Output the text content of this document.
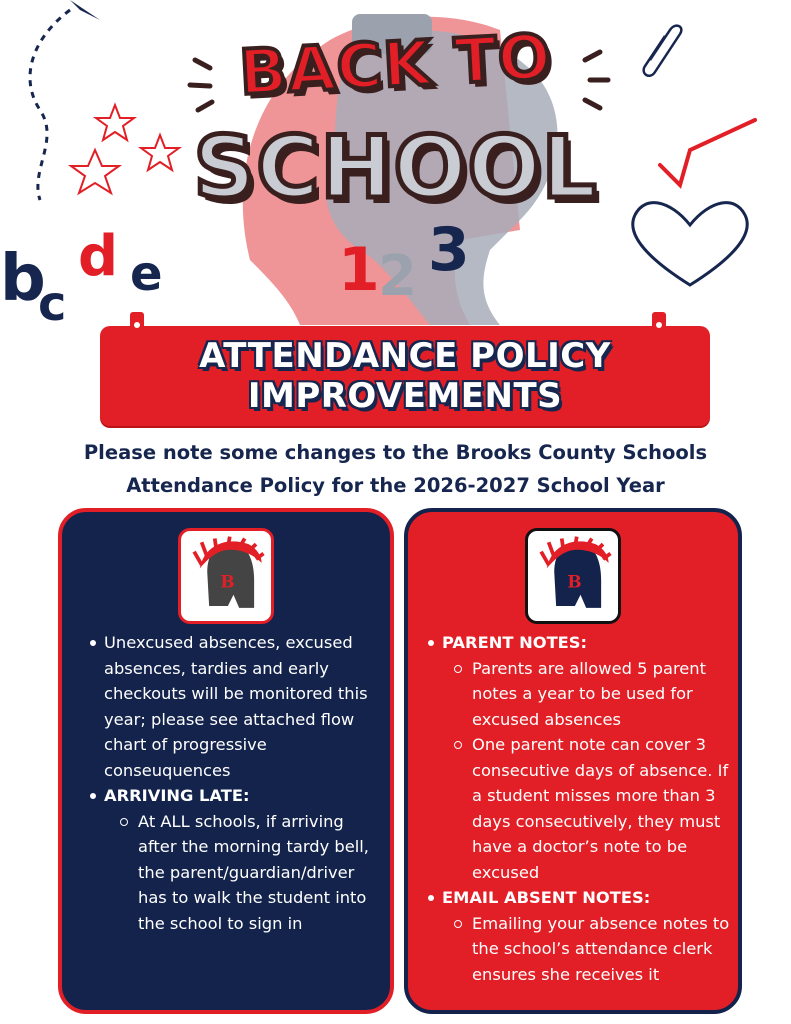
b
c
d e	1
2 3
BACK TO
SCHOOL
ATTENDANCE POLICY
IMPROVEMENTS
Please note some changes to the Brooks County Schools
Attendance Policy for the 2026-2027 School Year
B
Unexcused absences, excused
absences, tardies and early
checkouts will be monitored this
year; please see attached flow
chart of progressive
conseuquences
ARRIVING LATE:
At ALL schools, if arriving
after the morning tardy bell,
the parent/guardian/driver
has to walk the student into
the school to sign in
B
PARENT NOTES:
Parents are allowed 5 parent
notes a year to be used for
excused absences
One parent note can cover 3
consecutive days of absence. If
a student misses more than 3
days consecutively, they must
have a doctor’s note to be
excused
EMAIL ABSENT NOTES:
Emailing your absence notes to
the school’s attendance clerk
ensures she receives it
